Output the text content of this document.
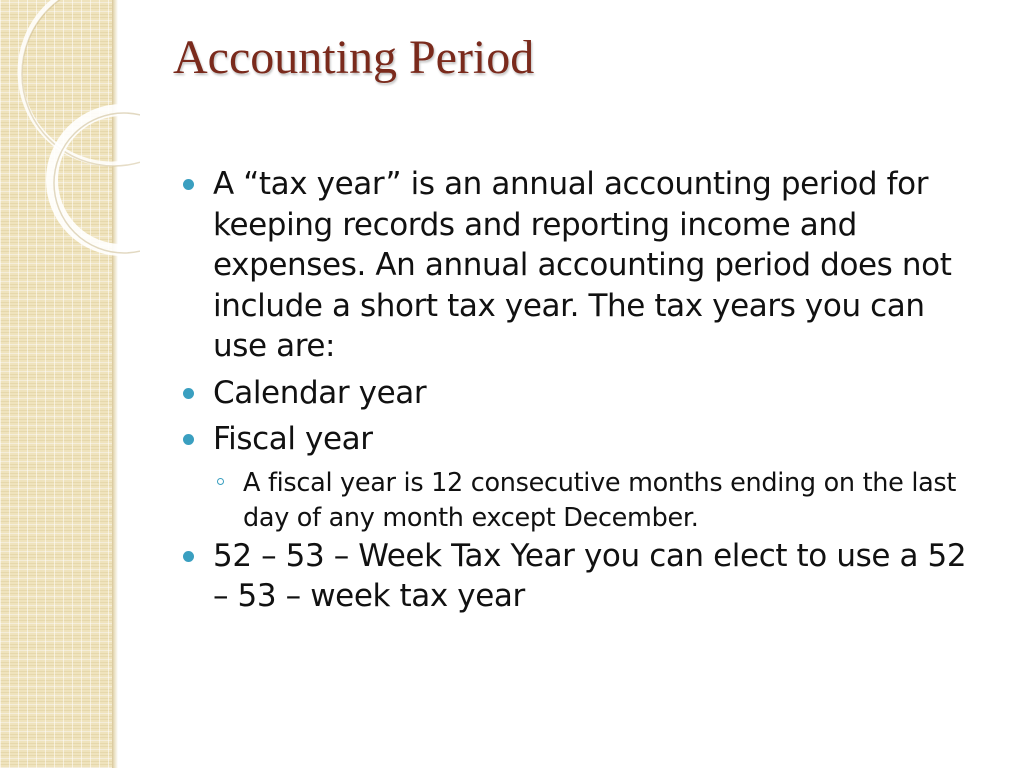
Accounting Period
A “tax year” is an annual accounting period for keeping records and reporting income and expenses. An annual accounting period does not include a short tax year. The tax years you can use are:
Calendar year
Fiscal year
A fiscal year is 12 consecutive months ending on the last day of any month except December.
52 – 53 – Week Tax Year you can elect to use a 52 – 53 – week tax year
